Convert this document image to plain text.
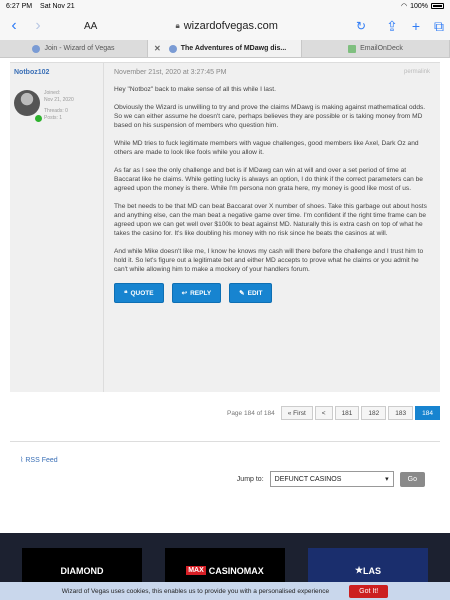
6:27 PM Sat Nov 21	◠ 100%
‹	›	AA	🔒︎ wizardofvegas.com	↻ ⇪ + ⧉
Join - Wizard of Vegas	✕	The Adventures of MDawg dis...	EmailOnDeck
Notboz102
Joined:
Nov 21, 2020
Threads: 0
Posts: 1
November 21st, 2020 at 3:27:45 PM	permalink

Hey "Notboz" back to make sense of all this while I last.

Obviously the Wizard is unwilling to try and prove the claims MDawg is making against mathematical odds. So we can either assume he doesn't care, perhaps believes they are possible or is taking money from MD based on his suspension of members who question him.

While MD tries to fuck legitimate members with vague challenges, good members like Axel, Dark Oz and others are made to look like fools while you allow it.

As far as I see the only challenge and bet is if MDawg can win at will and over a set period of time at Baccarat like he claims. While getting lucky is always an option, I do think if the correct parameters can be agreed upon the money is there. While I'm persona non grata here, my money is good like most of us.

The bet needs to be that MD can beat Baccarat over X number of shoes. Take this garbage out about hosts and anything else, can the man beat a negative game over time. I'm confident if the right time frame can be agreed upon we can get well over $100k to beat against MD. Naturally this is extra cash on top of what he takes the casino for. It's like doubling his money with no risk since he beats the casinos at will.

And while Mike doesn't like me, I know he knows my cash will there before the challenge and I trust him to hold it. So let's figure out a legitimate bet and either MD accepts to prove what he claims or you admit he can't while allowing him to make a mockery of your handlers forum.

❝ QUOTE	↩ REPLY	✎ EDIT
Page 184 of 184	« First	<	181	182	183	184
⌇ RSS Feed
Jump to: DEFUNCT CASINOS	▾	Go
DIAMOND	MAX CASINOMAX	★ LAS
Wizard of Vegas uses cookies, this enables us to provide you with a personalised experience	Got It!
